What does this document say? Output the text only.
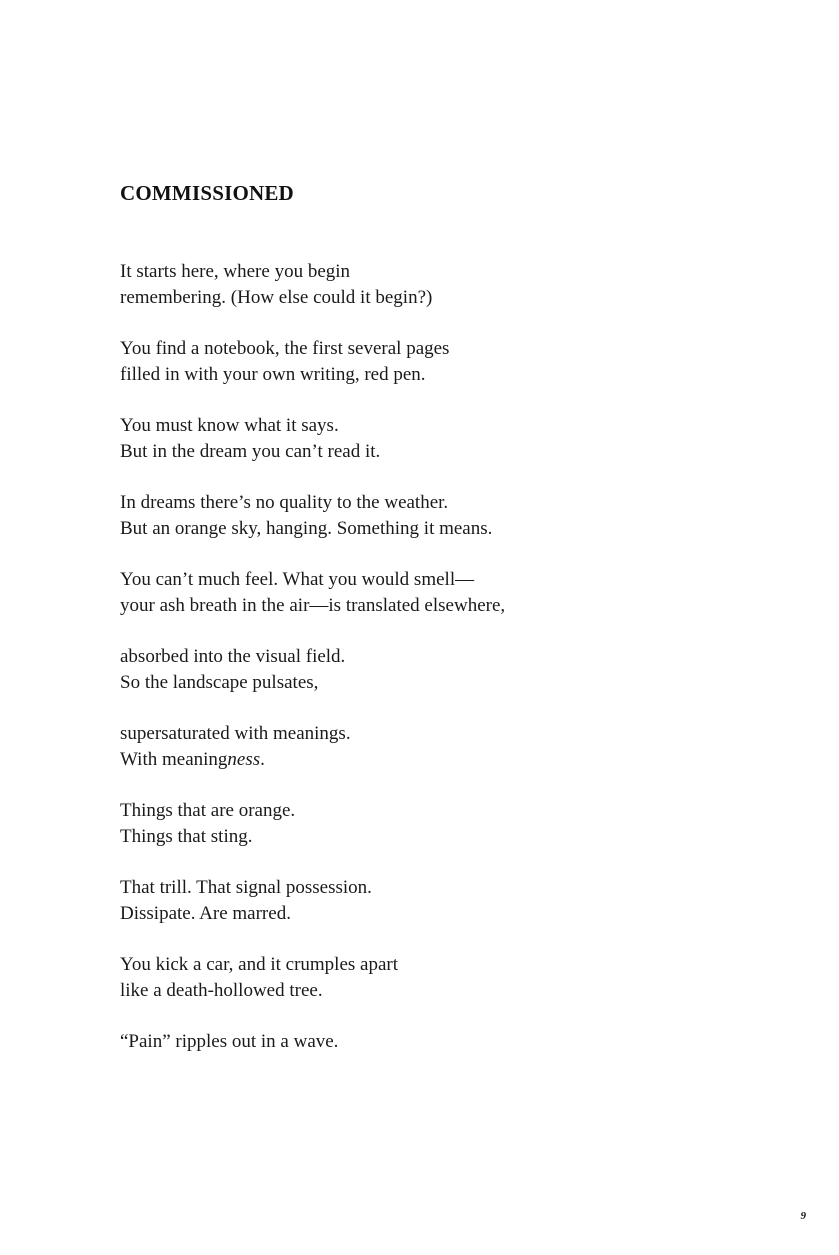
COMMISSIONED
It starts here, where you begin
remembering. (How else could it begin?)
You find a notebook, the first several pages
filled in with your own writing, red pen.
You must know what it says.
But in the dream you can’t read it.
In dreams there’s no quality to the weather.
But an orange sky, hanging. Something it means.
You can’t much feel. What you would smell—
your ash breath in the air—is translated elsewhere,
absorbed into the visual field.
So the landscape pulsates,
supersaturated with meanings.
With meaningness.
Things that are orange.
Things that sting.
That trill. That signal possession.
Dissipate. Are marred.
You kick a car, and it crumples apart
like a death-hollowed tree.
“Pain” ripples out in a wave.
9
